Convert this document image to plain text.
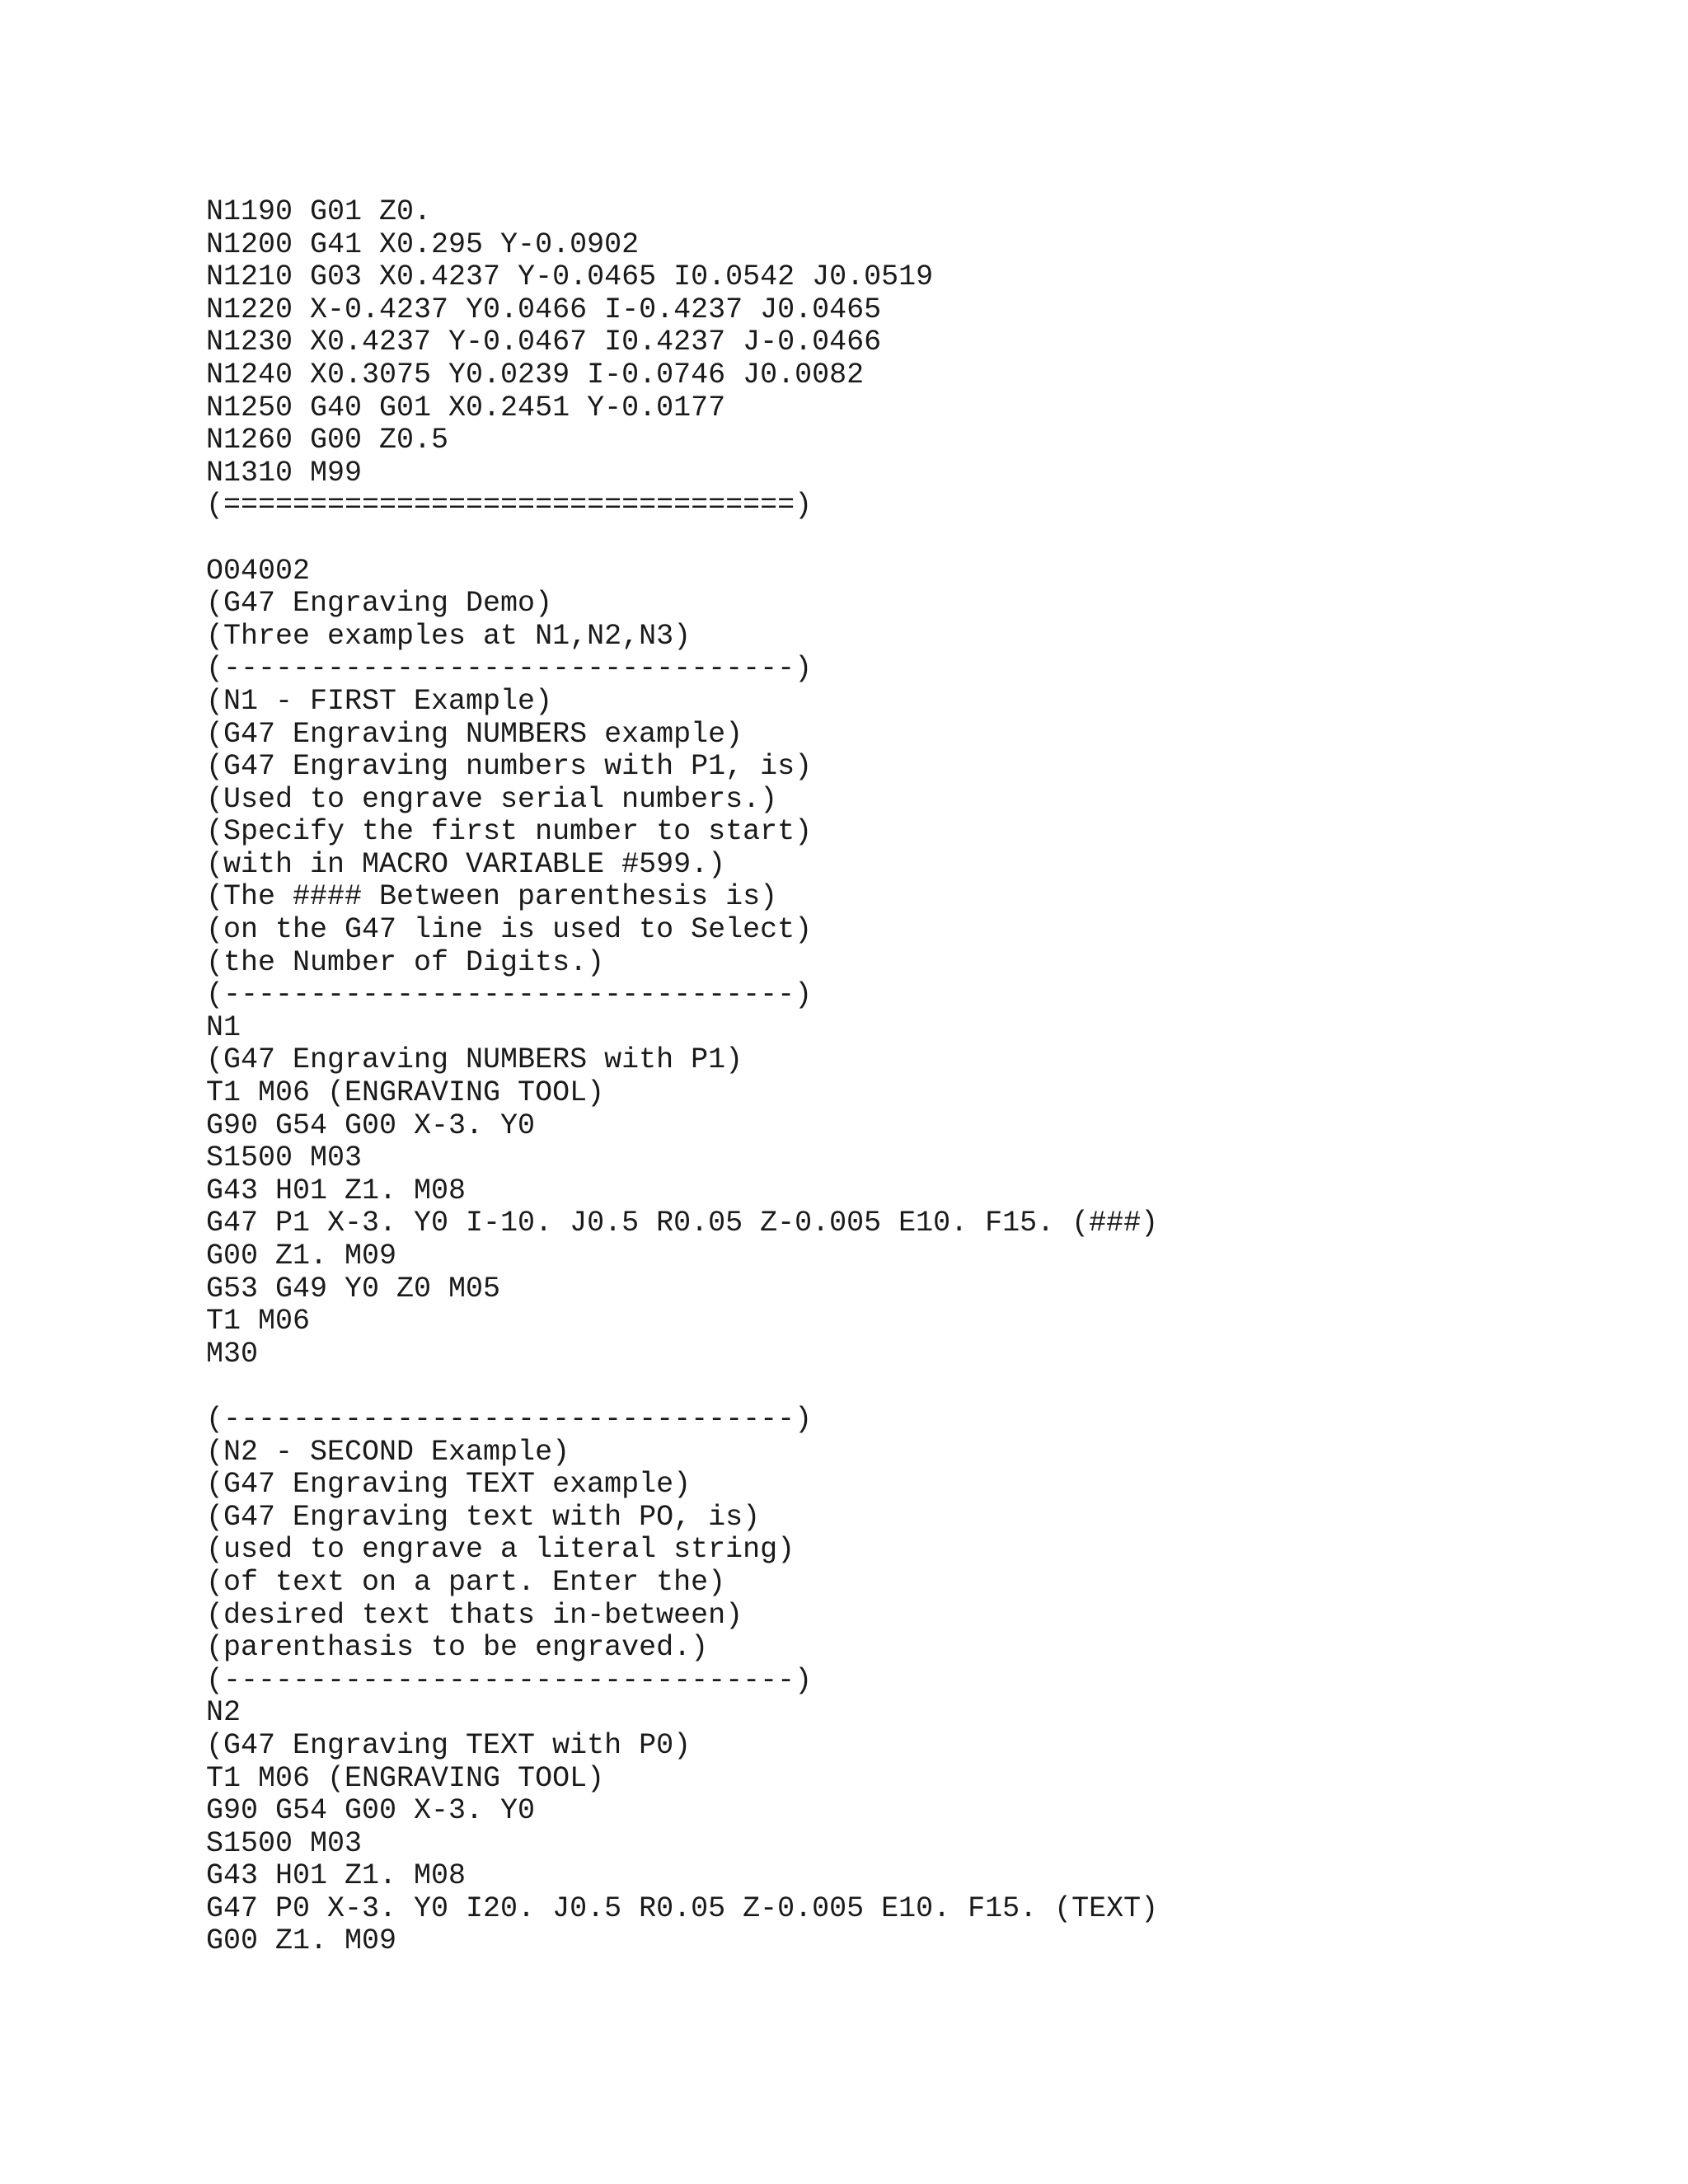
N1190 G01 Z0.
N1200 G41 X0.295 Y-0.0902
N1210 G03 X0.4237 Y-0.0465 I0.0542 J0.0519
N1220 X-0.4237 Y0.0466 I-0.4237 J0.0465
N1230 X0.4237 Y-0.0467 I0.4237 J-0.0466
N1240 X0.3075 Y0.0239 I-0.0746 J0.0082
N1250 G40 G01 X0.2451 Y-0.0177
N1260 G00 Z0.5
N1310 M99
(=================================)
O04002
(G47 Engraving Demo)
(Three examples at N1,N2,N3)
(---------------------------------)
(N1 - FIRST Example)
(G47 Engraving NUMBERS example)
(G47 Engraving numbers with P1, is)
(Used to engrave serial numbers.)
(Specify the first number to start)
(with in MACRO VARIABLE #599.)
(The #### Between parenthesis is)
(on the G47 line is used to Select)
(the Number of Digits.)
(---------------------------------)
N1
(G47 Engraving NUMBERS with P1)
T1 M06 (ENGRAVING TOOL)
G90 G54 G00 X-3. Y0
S1500 M03
G43 H01 Z1. M08
G47 P1 X-3. Y0 I-10. J0.5 R0.05 Z-0.005 E10. F15. (###)
G00 Z1. M09
G53 G49 Y0 Z0 M05
T1 M06
M30
(---------------------------------)
(N2 - SECOND Example)
(G47 Engraving TEXT example)
(G47 Engraving text with PO, is)
(used to engrave a literal string)
(of text on a part. Enter the)
(desired text thats in-between)
(parenthasis to be engraved.)
(---------------------------------)
N2
(G47 Engraving TEXT with P0)
T1 M06 (ENGRAVING TOOL)
G90 G54 G00 X-3. Y0
S1500 M03
G43 H01 Z1. M08
G47 P0 X-3. Y0 I20. J0.5 R0.05 Z-0.005 E10. F15. (TEXT)
G00 Z1. M09
